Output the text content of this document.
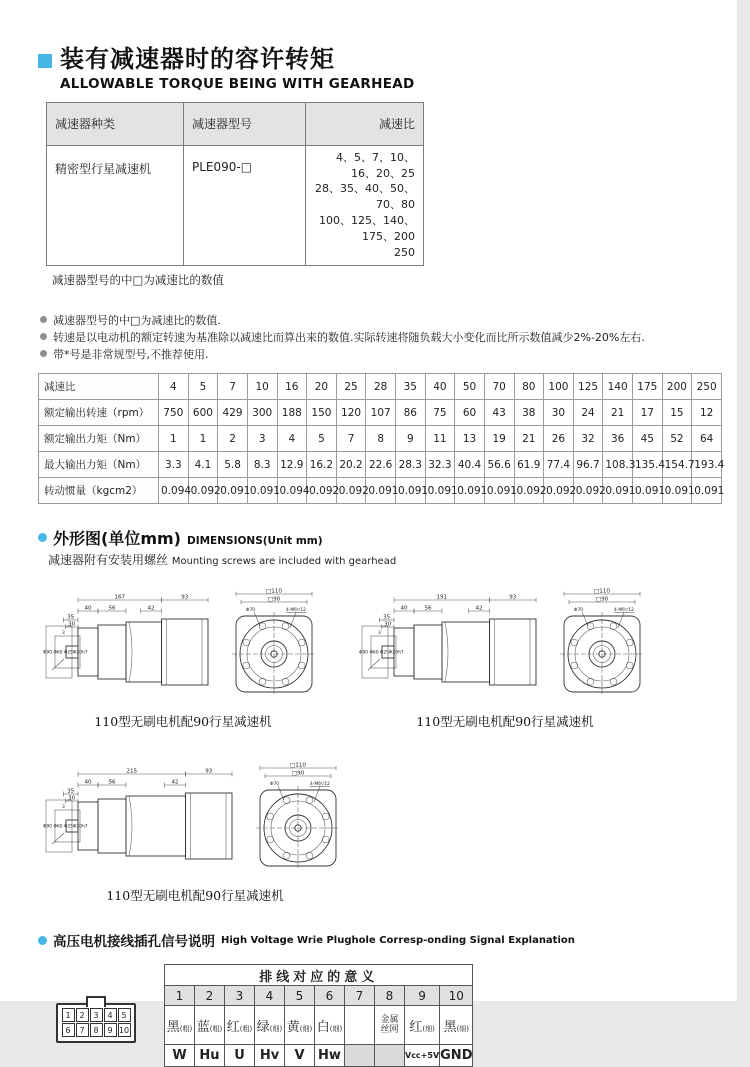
装有减速器时的容许转矩
ALLOWABLE TORQUE BEING WITH GEARHEAD
减速器种类	减速器型号	减速比
精密型行星减速机	PLE090-□	4、5、7、10、16、20、25
28、35、40、50、70、80
100、125、140、175、200
250
减速器型号的中□为减速比的数值
减速器型号的中□为减速比的数值.
转速是以电动机的额定转速为基准除以减速比而算出来的数值.实际转速将随负载大小变化而比所示数值减少2%-20%左右.
带*号是非常规型号,不推荐使用.
减速比	4	5	7	10	16	20	25	28	35	40	50	70	80	100	125	140	175	200	250
额定输出转速（rpm）	750	600	429	300	188	150	120	107	86	75	60	43	38	30	24	21	17	15	12
额定输出力矩（Nm）	1	1	2	3	4	5	7	8	9	11	13	19	21	26	32	36	45	52	64
最大输出力矩（Nm）	3.3	4.1	5.8	8.3	12.9	16.2	20.2	22.6	28.3	32.3	40.4	56.6	61.9	77.4	96.7	108.3	135.4	154.7	193.4
转动惯量（kgcm2）	0.094	0.092	0.091	0.091	0.094	0.092	0.092	0.091	0.091	0.091	0.091	0.091	0.092	0.092	0.092	0.091	0.091	0.091	0.091
外形图(单位mm) DIMENSIONS(Unit mm)
减速器附有安装用螺丝 Mounting screws are included with gearhead
167	93
40	56	42
35
30
3
Φ90 Φ60 Φ25Φ20h7
□110
□90
Φ70	4-M6▽12
110型无刷电机配90行星减速机
191	93
40	56	42
35
30
3
Φ90 Φ60 Φ25Φ20h7
□110
□90
Φ70	4-M6▽12
110型无刷电机配90行星减速机
215	93
40	56	42
35
30
3
Φ90 Φ60 Φ25Φ20h7
□110
□90
Φ70	4-M6▽12
110型无刷电机配90行星减速机
高压电机接线插孔信号说明 High Voltage Wrie Plughole Corresp-onding Signal Explanation
1	2	3	4	5
6	7	8	9 10
排线对应的意义									
1	2	3	4	5	6	7	8	9	10
黑(粗)	蓝(粗)	红(粗)	绿(细)	黄(细)	白(细)		金属
丝网	红(细)	黑(细)
W	Hu	U	Hv	V	Hw			Vcc+5V	GND
